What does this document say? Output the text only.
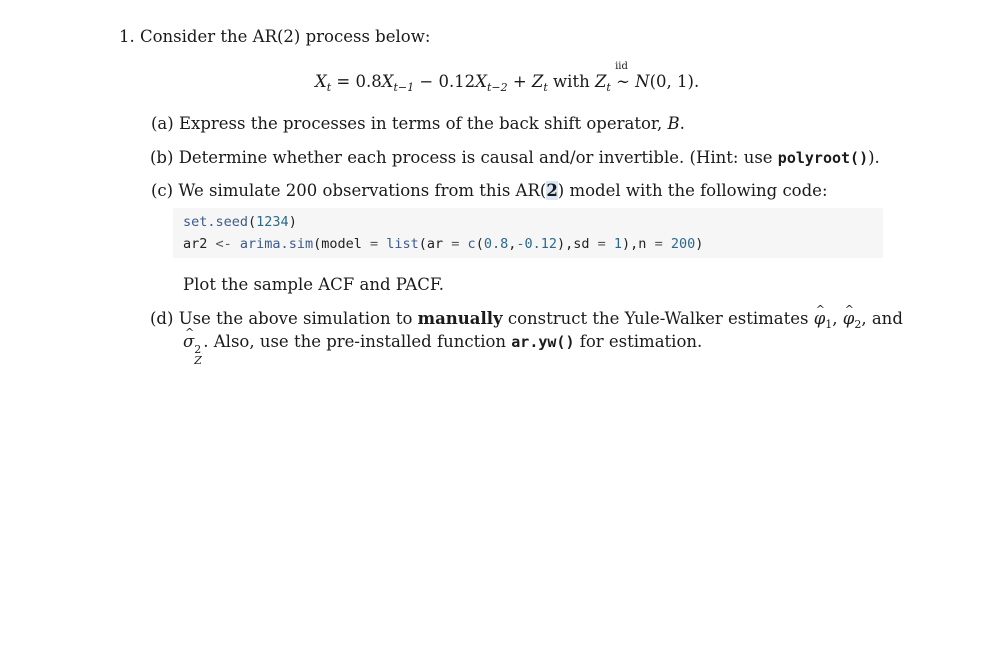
1. Consider the AR(2) process below:
$X_t = 0.8X_{t-1} - 0.12X_{t-2} + Z_t$ with $Z_t$
iid
∼ N(0, 1).
(a) Express the processes in terms of the back shift operator, B.
(b) Determine whether each process is causal and/or invertible. (Hint: use polyroot()).
(c) We simulate 200 observations from this AR(2) model with the following code:
set.seed(1234)
ar2 <- arima.sim(model = list(ar = c(0.8,-0.12),sd = 1),n = 200)
Plot the sample ACF and PACF.
(d) Use the above simulation to manually construct the Yule-Walker estimates ^ $\varphi_1$, ^ $\varphi_2$, and
^ σ 2
Z
. Also, use the pre-installed function ar.yw() for estimation.
